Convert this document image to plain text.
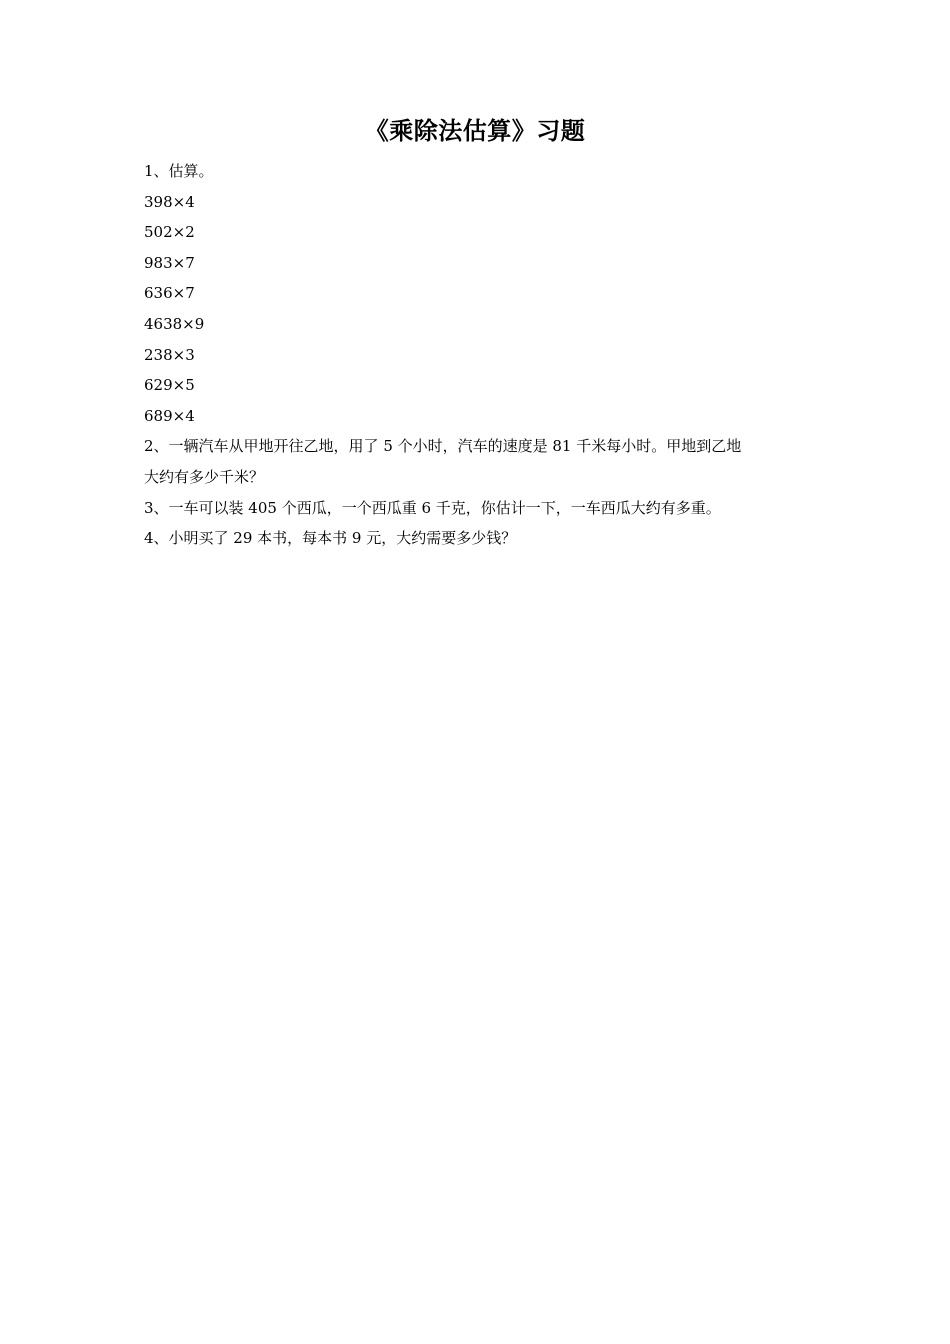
《乘除法估算》习题
1、估算。
398×4
502×2
983×7
636×7
4638×9
238×3
629×5
689×4
2、一辆汽车从甲地开往乙地，用了 5 个小时，汽车的速度是 81 千米每小时。甲地到乙地
大约有多少千米？
3、一车可以装 405 个西瓜，一个西瓜重 6 千克，你估计一下，一车西瓜大约有多重。
4、小明买了 29 本书，每本书 9 元，大约需要多少钱？
